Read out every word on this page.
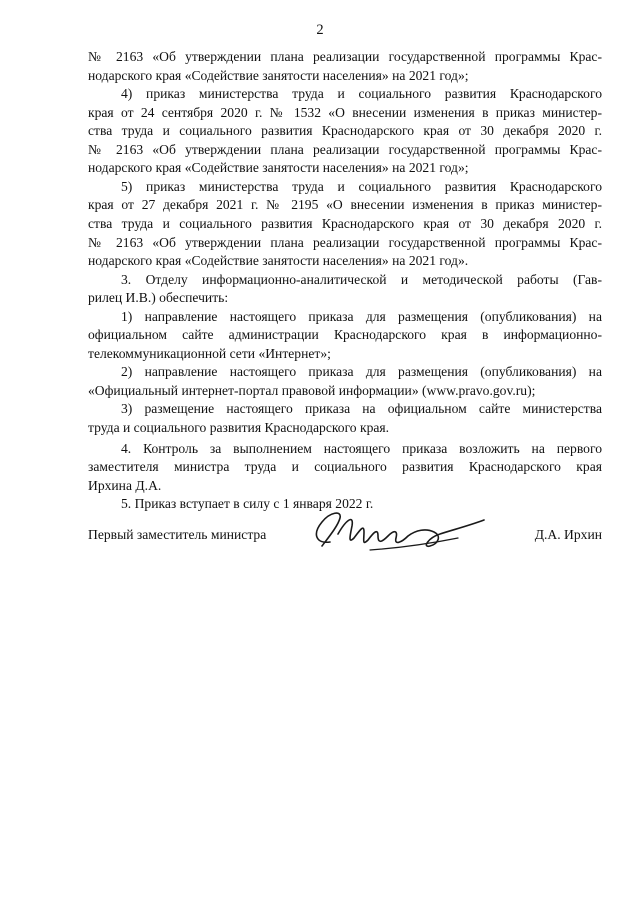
2
№ 2163 «Об утверждении плана реализации государственной программы Крас-
нодарского края «Содействие занятости населения» на 2021 год»;
4) приказ министерства труда и социального развития Краснодарского
края от 24 сентября 2020 г. № 1532 «О внесении изменения в приказ министер-
ства труда и социального развития Краснодарского края от 30 декабря 2020 г.
№ 2163 «Об утверждении плана реализации государственной программы Крас-
нодарского края «Содействие занятости населения» на 2021 год»;
5) приказ министерства труда и социального развития Краснодарского
края от 27 декабря 2021 г. № 2195 «О внесении изменения в приказ министер-
ства труда и социального развития Краснодарского края от 30 декабря 2020 г.
№ 2163 «Об утверждении плана реализации государственной программы Крас-
нодарского края «Содействие занятости населения» на 2021 год».
3. Отделу информационно-аналитической и методической работы (Гав-
рилец И.В.) обеспечить:
1) направление настоящего приказа для размещения (опубликования) на
официальном сайте администрации Краснодарского края в информационно-
телекоммуникационной сети «Интернет»;
2) направление настоящего приказа для размещения (опубликования) на
«Официальный интернет-портал правовой информации» (www.pravo.gov.ru);
3) размещение настоящего приказа на официальном сайте министерства
труда и социального развития Краснодарского края.
4. Контроль за выполнением настоящего приказа возложить на первого
заместителя министра труда и социального развития Краснодарского края
Ирхина Д.А.
5. Приказ вступает в силу с 1 января 2022 г.
Первый заместитель министра	Д.А. Ирхин
